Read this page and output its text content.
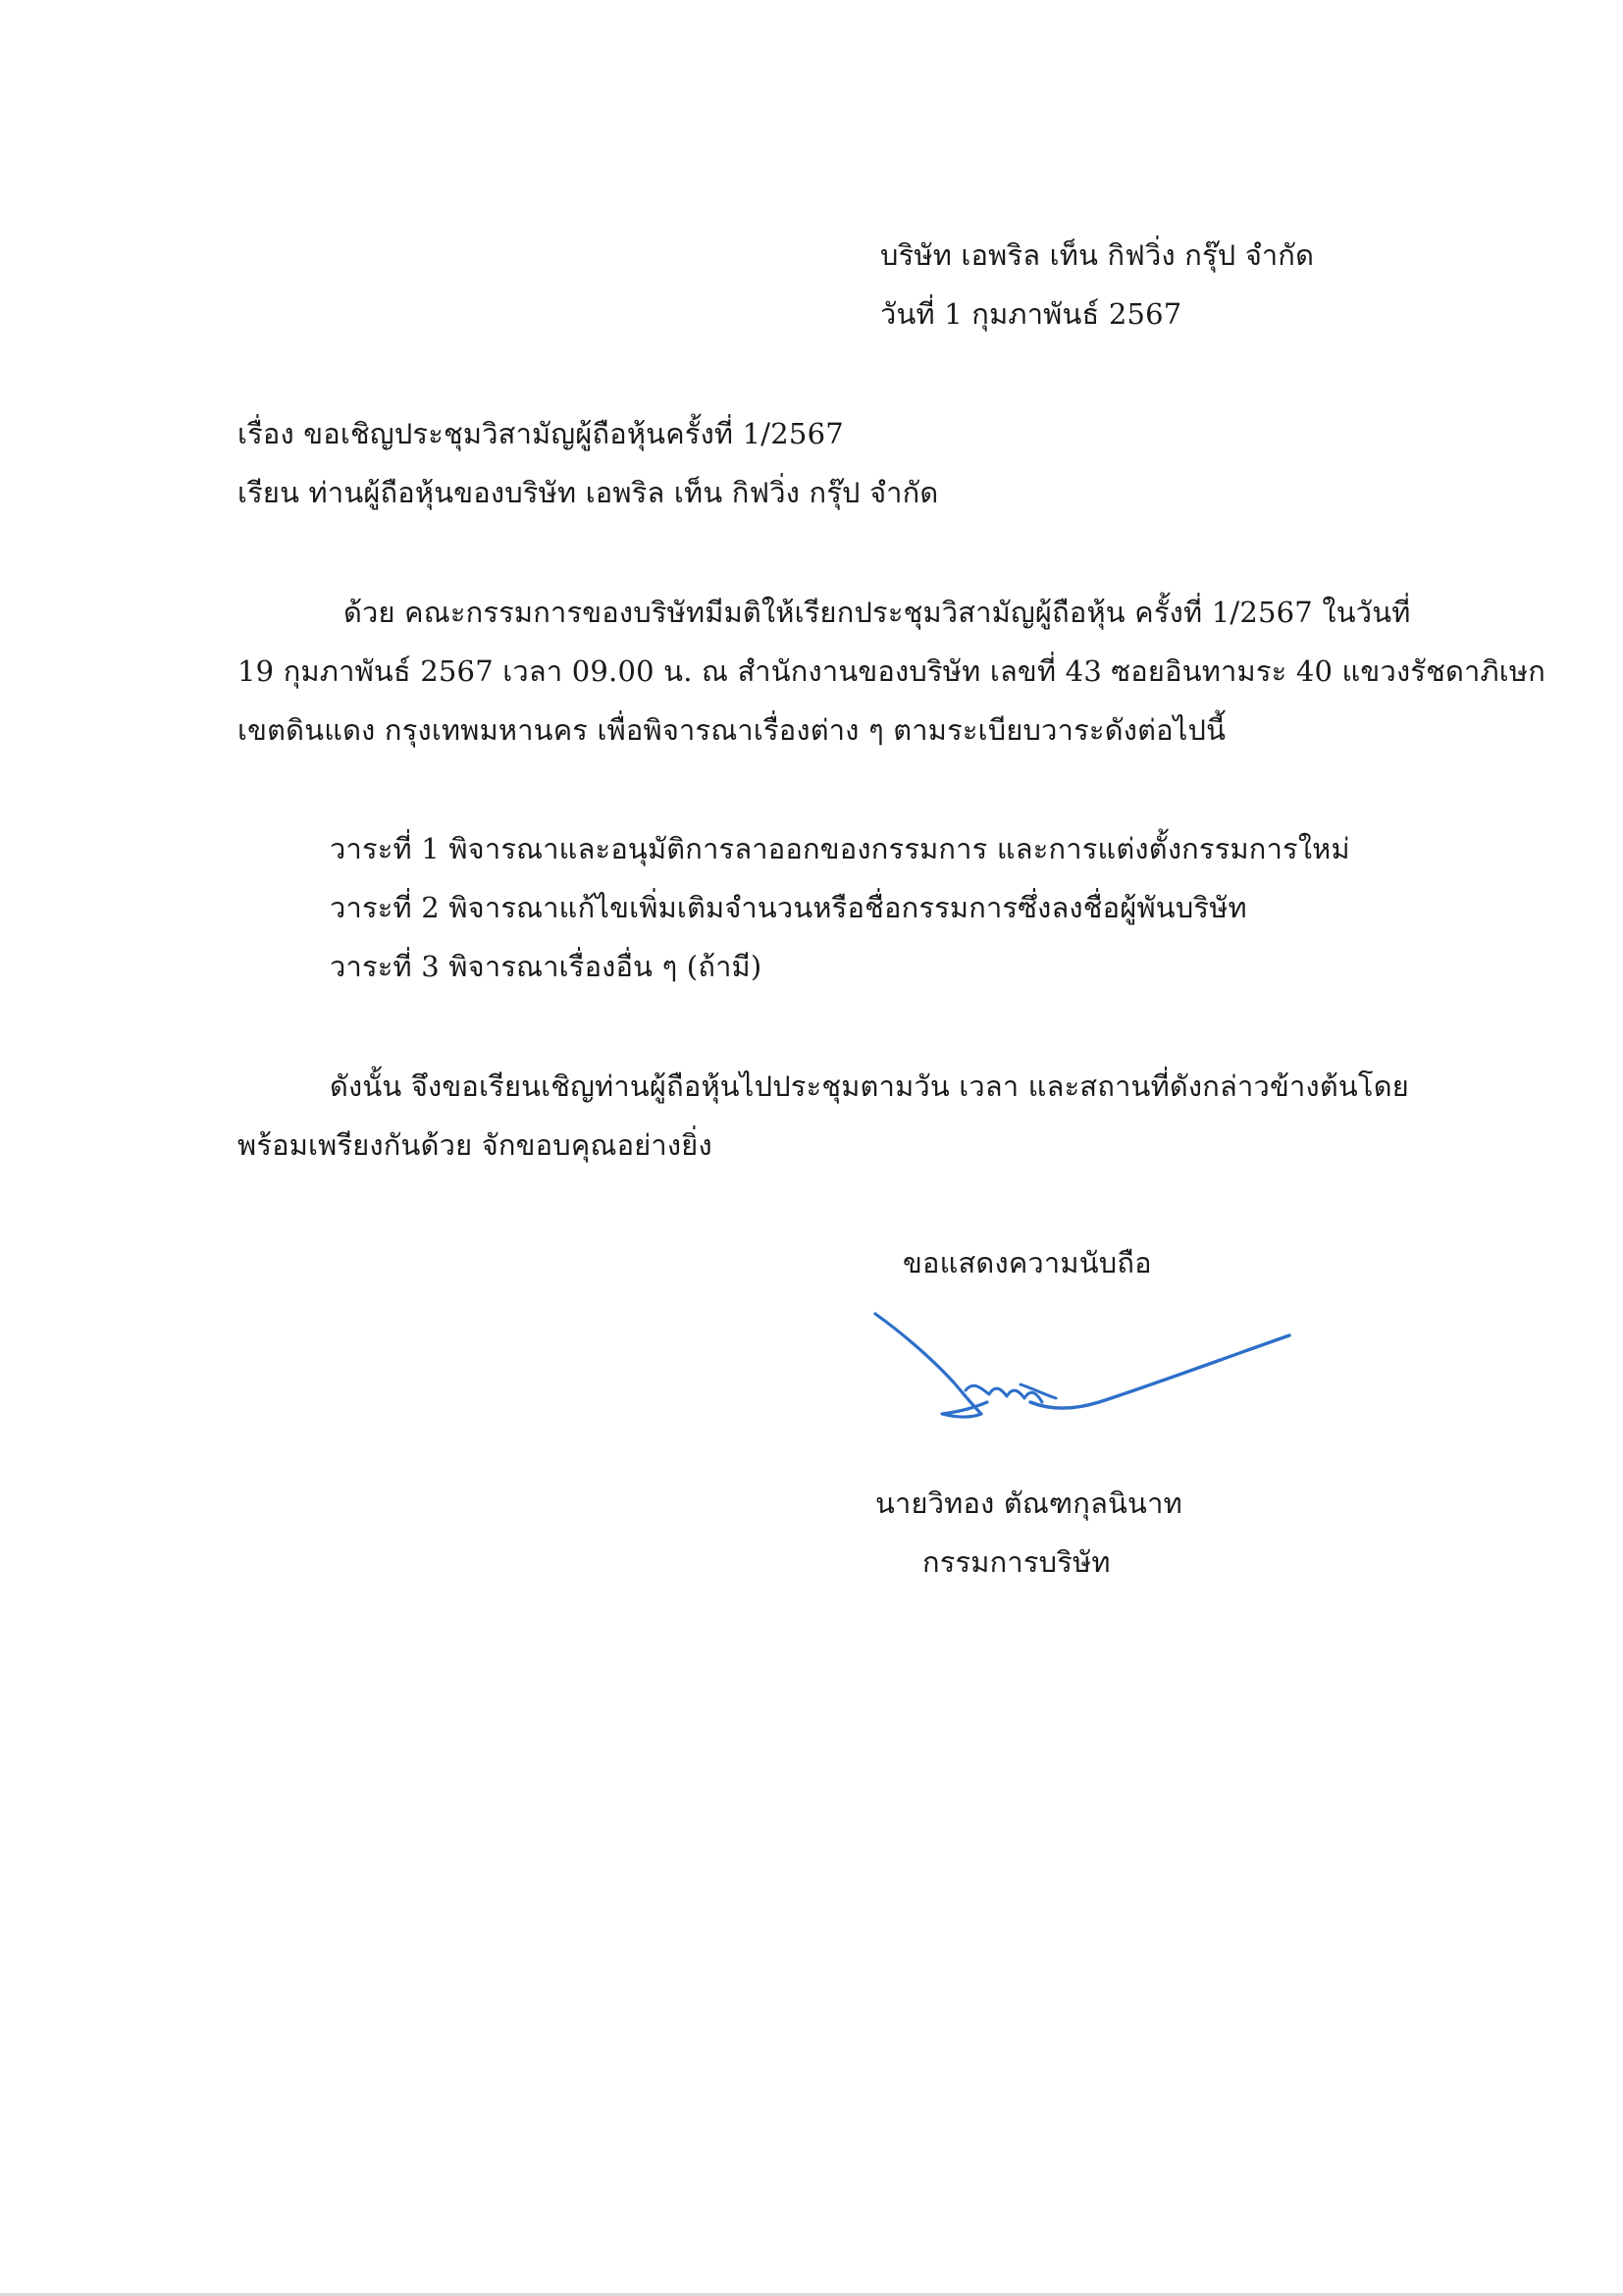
บริษัท เอพริล เท็น กิฟวิ่ง กรุ๊ป จำกัด
วันที่ 1 กุมภาพันธ์ 2567
เรื่อง ขอเชิญประชุมวิสามัญผู้ถือหุ้นครั้งที่ 1/2567
เรียน ท่านผู้ถือหุ้นของบริษัท เอพริล เท็น กิฟวิ่ง กรุ๊ป จำกัด
ด้วย คณะกรรมการของบริษัทมีมติให้เรียกประชุมวิสามัญผู้ถือหุ้น ครั้งที่ 1/2567 ในวันที่
19 กุมภาพันธ์ 2567 เวลา 09.00 น. ณ สำนักงานของบริษัท เลขที่ 43 ซอยอินทามระ 40 แขวงรัชดาภิเษก
เขตดินแดง กรุงเทพมหานคร เพื่อพิจารณาเรื่องต่าง ๆ ตามระเบียบวาระดังต่อไปนี้
วาระที่ 1 พิจารณาและอนุมัติการลาออกของกรรมการ และการแต่งตั้งกรรมการใหม่
วาระที่ 2 พิจารณาแก้ไขเพิ่มเติมจำนวนหรือชื่อกรรมการซึ่งลงชื่อผู้พันบริษัท
วาระที่ 3 พิจารณาเรื่องอื่น ๆ (ถ้ามี)
ดังนั้น จึงขอเรียนเชิญท่านผู้ถือหุ้นไปประชุมตามวัน เวลา และสถานที่ดังกล่าวข้างต้นโดย
พร้อมเพรียงกันด้วย จักขอบคุณอย่างยิ่ง
ขอแสดงความนับถือ
นายวิทอง ตัณฑกุลนินาท
กรรมการบริษัท
